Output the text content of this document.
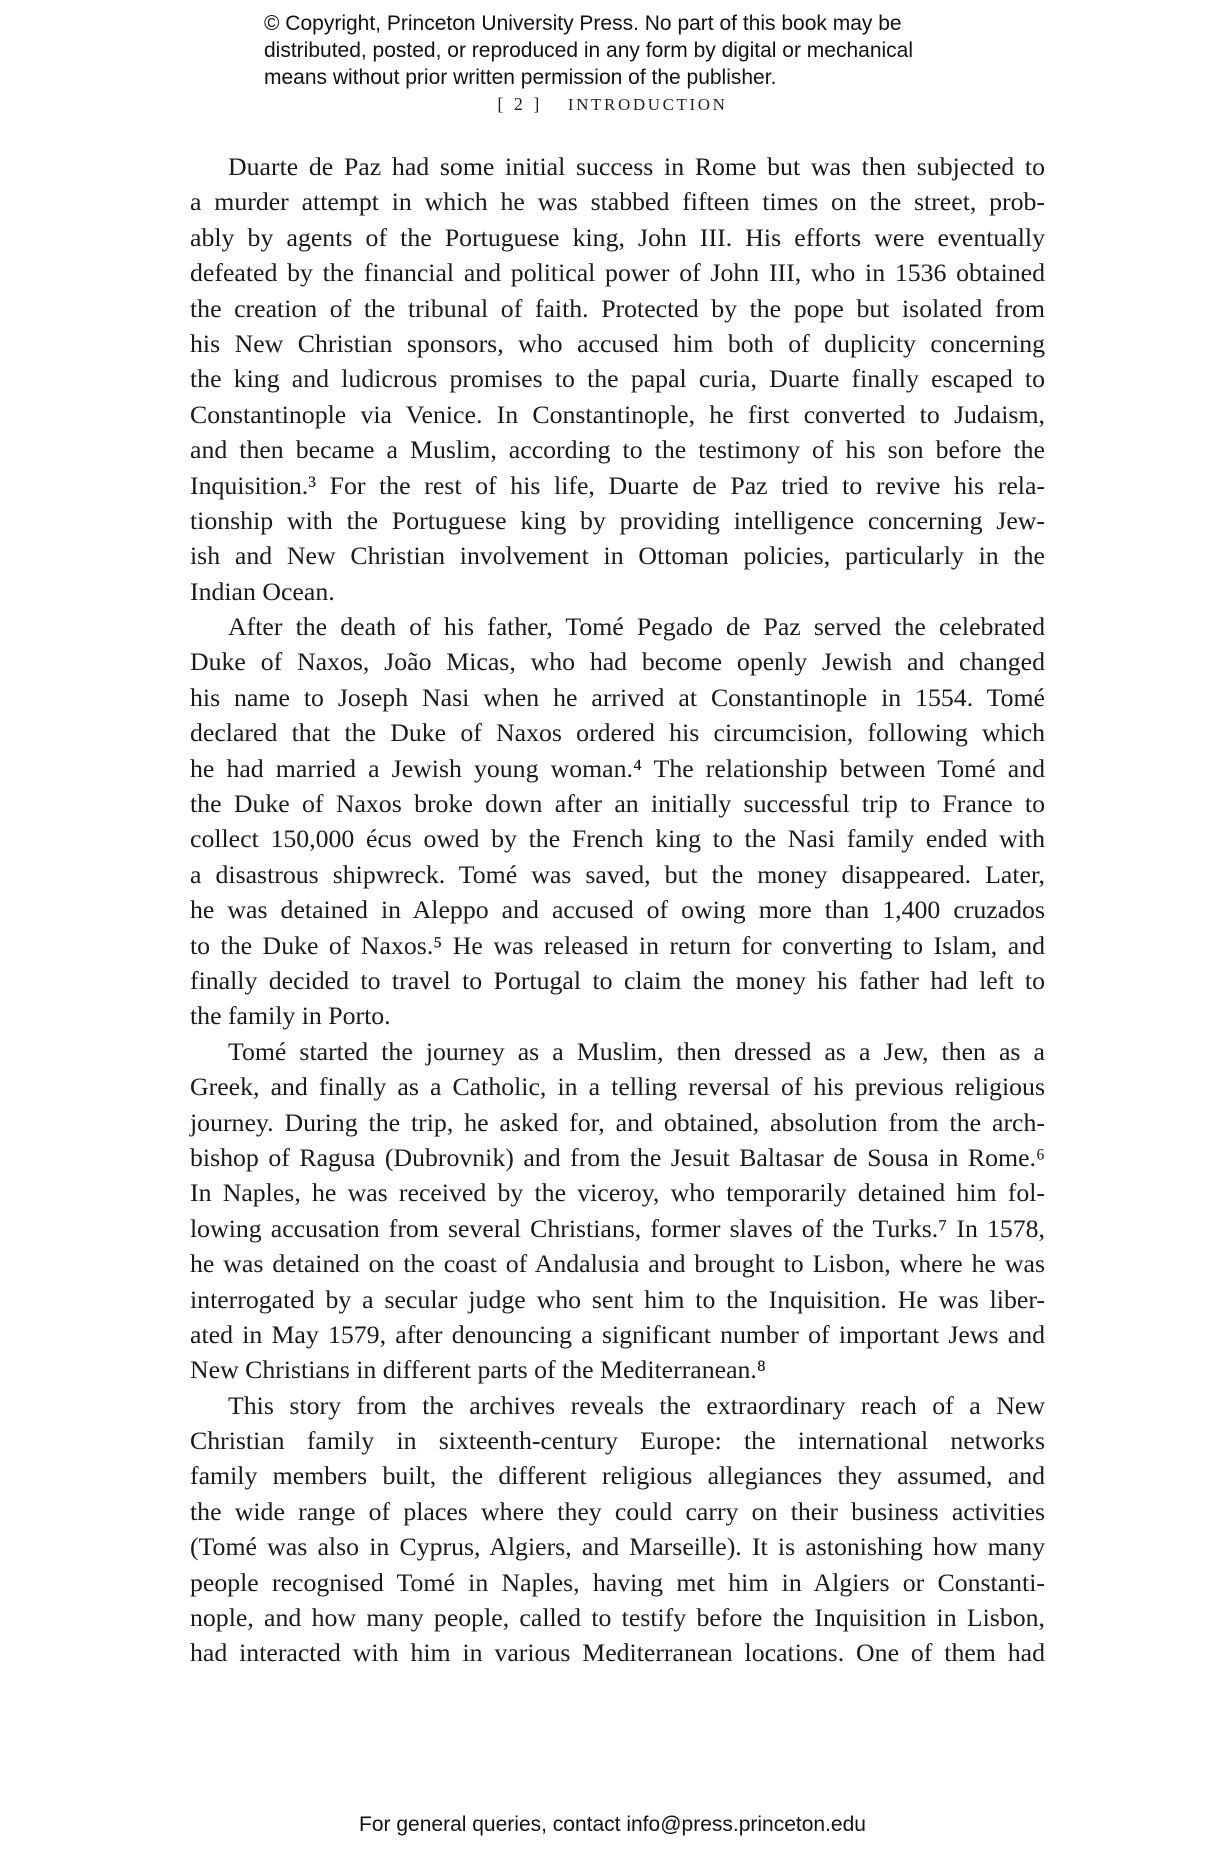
© Copyright, Princeton University Press. No part of this book may be
distributed, posted, or reproduced in any form by digital or mechanical
means without prior written permission of the publisher.
[ 2 ] INTRODUCTION
Duarte de Paz had some initial success in Rome but was then subjected to
a murder attempt in which he was stabbed fifteen times on the street, prob-
ably by agents of the Portuguese king, John III. His efforts were eventually
defeated by the financial and political power of John III, who in 1536 obtained
the creation of the tribunal of faith. Protected by the pope but isolated from
his New Christian sponsors, who accused him both of duplicity concerning
the king and ludicrous promises to the papal curia, Duarte finally escaped to
Constantinople via Venice. In Constantinople, he first converted to Judaism,
and then became a Muslim, according to the testimony of his son before the
Inquisition.³ For the rest of his life, Duarte de Paz tried to revive his rela-
tionship with the Portuguese king by providing intelligence concerning Jew-
ish and New Christian involvement in Ottoman policies, particularly in the
Indian Ocean.
After the death of his father, Tomé Pegado de Paz served the celebrated
Duke of Naxos, João Micas, who had become openly Jewish and changed
his name to Joseph Nasi when he arrived at Constantinople in 1554. Tomé
declared that the Duke of Naxos ordered his circumcision, following which
he had married a Jewish young woman.⁴ The relationship between Tomé and
the Duke of Naxos broke down after an initially successful trip to France to
collect 150,000 écus owed by the French king to the Nasi family ended with
a disastrous shipwreck. Tomé was saved, but the money disappeared. Later,
he was detained in Aleppo and accused of owing more than 1,400 cruzados
to the Duke of Naxos.⁵ He was released in return for converting to Islam, and
finally decided to travel to Portugal to claim the money his father had left to
the family in Porto.
Tomé started the journey as a Muslim, then dressed as a Jew, then as a
Greek, and finally as a Catholic, in a telling reversal of his previous religious
journey. During the trip, he asked for, and obtained, absolution from the arch-
bishop of Ragusa (Dubrovnik) and from the Jesuit Baltasar de Sousa in Rome.⁶
In Naples, he was received by the viceroy, who temporarily detained him fol-
lowing accusation from several Christians, former slaves of the Turks.⁷ In 1578,
he was detained on the coast of Andalusia and brought to Lisbon, where he was
interrogated by a secular judge who sent him to the Inquisition. He was liber-
ated in May 1579, after denouncing a significant number of important Jews and
New Christians in different parts of the Mediterranean.⁸
This story from the archives reveals the extraordinary reach of a New
Christian family in sixteenth-century Europe: the international networks
family members built, the different religious allegiances they assumed, and
the wide range of places where they could carry on their business activities
(Tomé was also in Cyprus, Algiers, and Marseille). It is astonishing how many
people recognised Tomé in Naples, having met him in Algiers or Constanti-
nople, and how many people, called to testify before the Inquisition in Lisbon,
had interacted with him in various Mediterranean locations. One of them had
For general queries, contact info@press.princeton.edu
